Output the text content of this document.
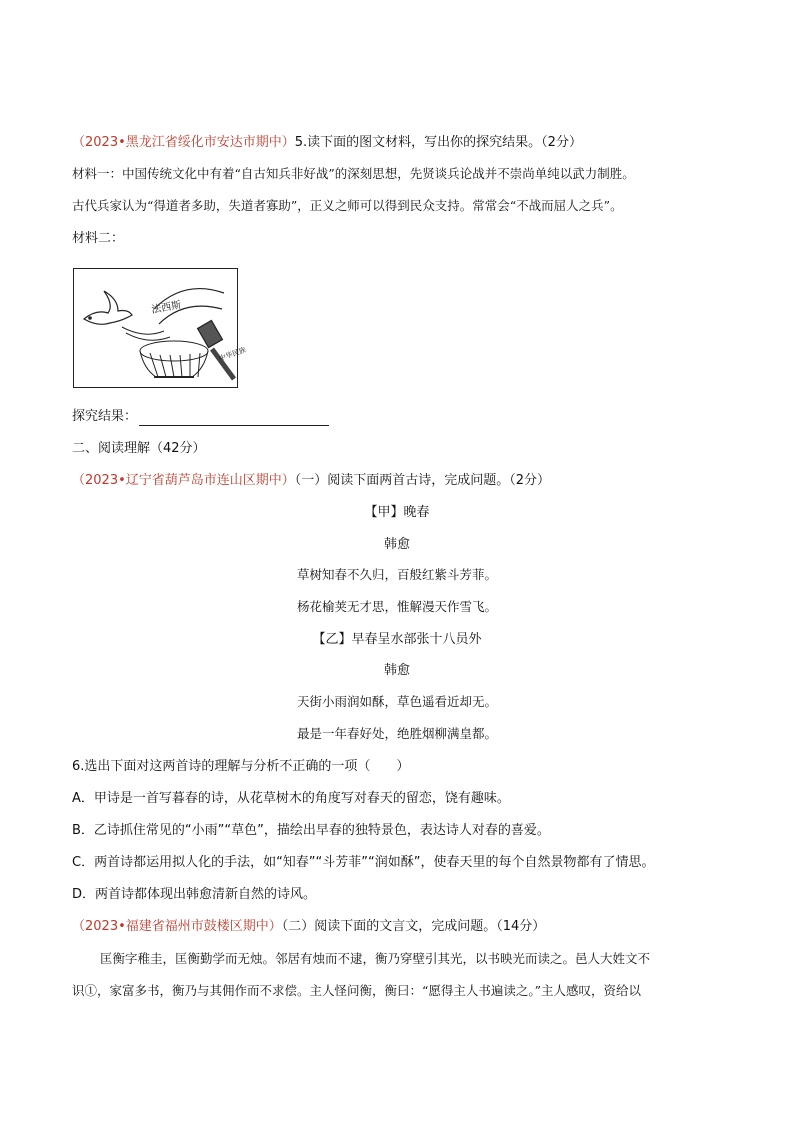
（2023•黑龙江省绥化市安达市期中）5.读下面的图文材料，写出你的探究结果。（2分）
材料一：中国传统文化中有着“自古知兵非好战”的深刻思想，先贤谈兵论战并不崇尚单纯以武力制胜。
古代兵家认为“得道者多助，失道者寡助”，正义之师可以得到民众支持。常常会“不战而屈人之兵”。
材料二：
法西斯
中华民族
探究结果：
二、阅读理解（42分）
（2023•辽宁省葫芦岛市连山区期中）（一）阅读下面两首古诗，完成问题。（2分）
【甲】晚春
韩愈
草树知春不久归，百般红紫斗芳菲。
杨花榆荚无才思，惟解漫天作雪飞。
【乙】早春呈水部张十八员外
韩愈
天街小雨润如酥，草色遥看近却无。
最是一年春好处，绝胜烟柳满皇都。
6.选出下面对这两首诗的理解与分析不正确的一项（　　）
A．甲诗是一首写暮春的诗，从花草树木的角度写对春天的留恋，饶有趣味。
B．乙诗抓住常见的“小雨”“草色”，描绘出早春的独特景色，表达诗人对春的喜爱。
C．两首诗都运用拟人化的手法，如“知春”“斗芳菲”“润如酥”，使春天里的每个自然景物都有了情思。
D．两首诗都体现出韩愈清新自然的诗风。
（2023•福建省福州市鼓楼区期中）（二）阅读下面的文言文，完成问题。（14分）
匡衡字稚圭，匡衡勤学而无烛。邻居有烛而不逮，衡乃穿壁引其光，以书映光而读之。邑人大姓文不
识①，家富多书，衡乃与其佣作而不求偿。主人怪问衡，衡曰：“愿得主人书遍读之。”主人感叹，资给以
